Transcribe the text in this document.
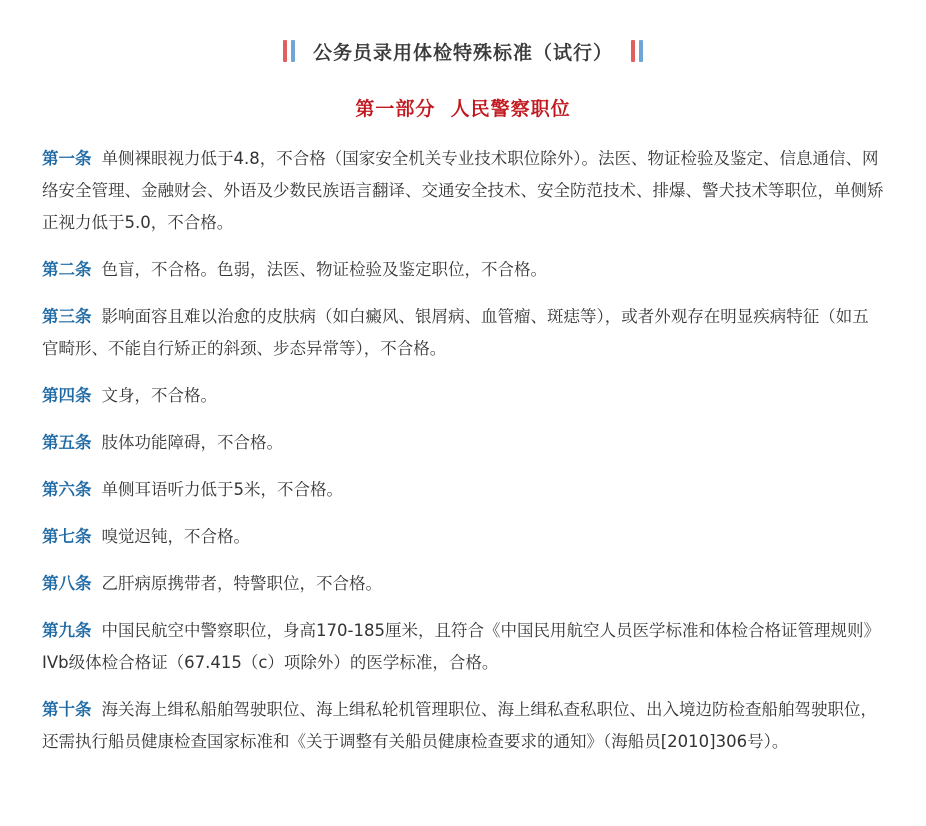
公务员录用体检特殊标准（试行）
第一部分  人民警察职位
第一条 单侧裸眼视力低于4.8，不合格（国家安全机关专业技术职位除外）。法医、物证检验及鉴定、信息通信、网络安全管理、金融财会、外语及少数民族语言翻译、交通安全技术、安全防范技术、排爆、警犬技术等职位，单侧矫正视力低于5.0，不合格。
第二条 色盲，不合格。色弱，法医、物证检验及鉴定职位，不合格。
第三条 影响面容且难以治愈的皮肤病（如白癜风、银屑病、血管瘤、斑痣等），或者外观存在明显疾病特征（如五官畸形、不能自行矫正的斜颈、步态异常等），不合格。
第四条 文身，不合格。
第五条 肢体功能障碍，不合格。
第六条 单侧耳语听力低于5米，不合格。
第七条 嗅觉迟钝，不合格。
第八条 乙肝病原携带者，特警职位，不合格。
第九条 中国民航空中警察职位，身高170-185厘米，且符合《中国民用航空人员医学标准和体检合格证管理规则》IVb级体检合格证（67.415（c）项除外）的医学标准，合格。
第十条 海关海上缉私船舶驾驶职位、海上缉私轮机管理职位、海上缉私查私职位、出入境边防检查船舶驾驶职位，还需执行船员健康检查国家标准和《关于调整有关船员健康检查要求的通知》（海船员[2010]306号）。
